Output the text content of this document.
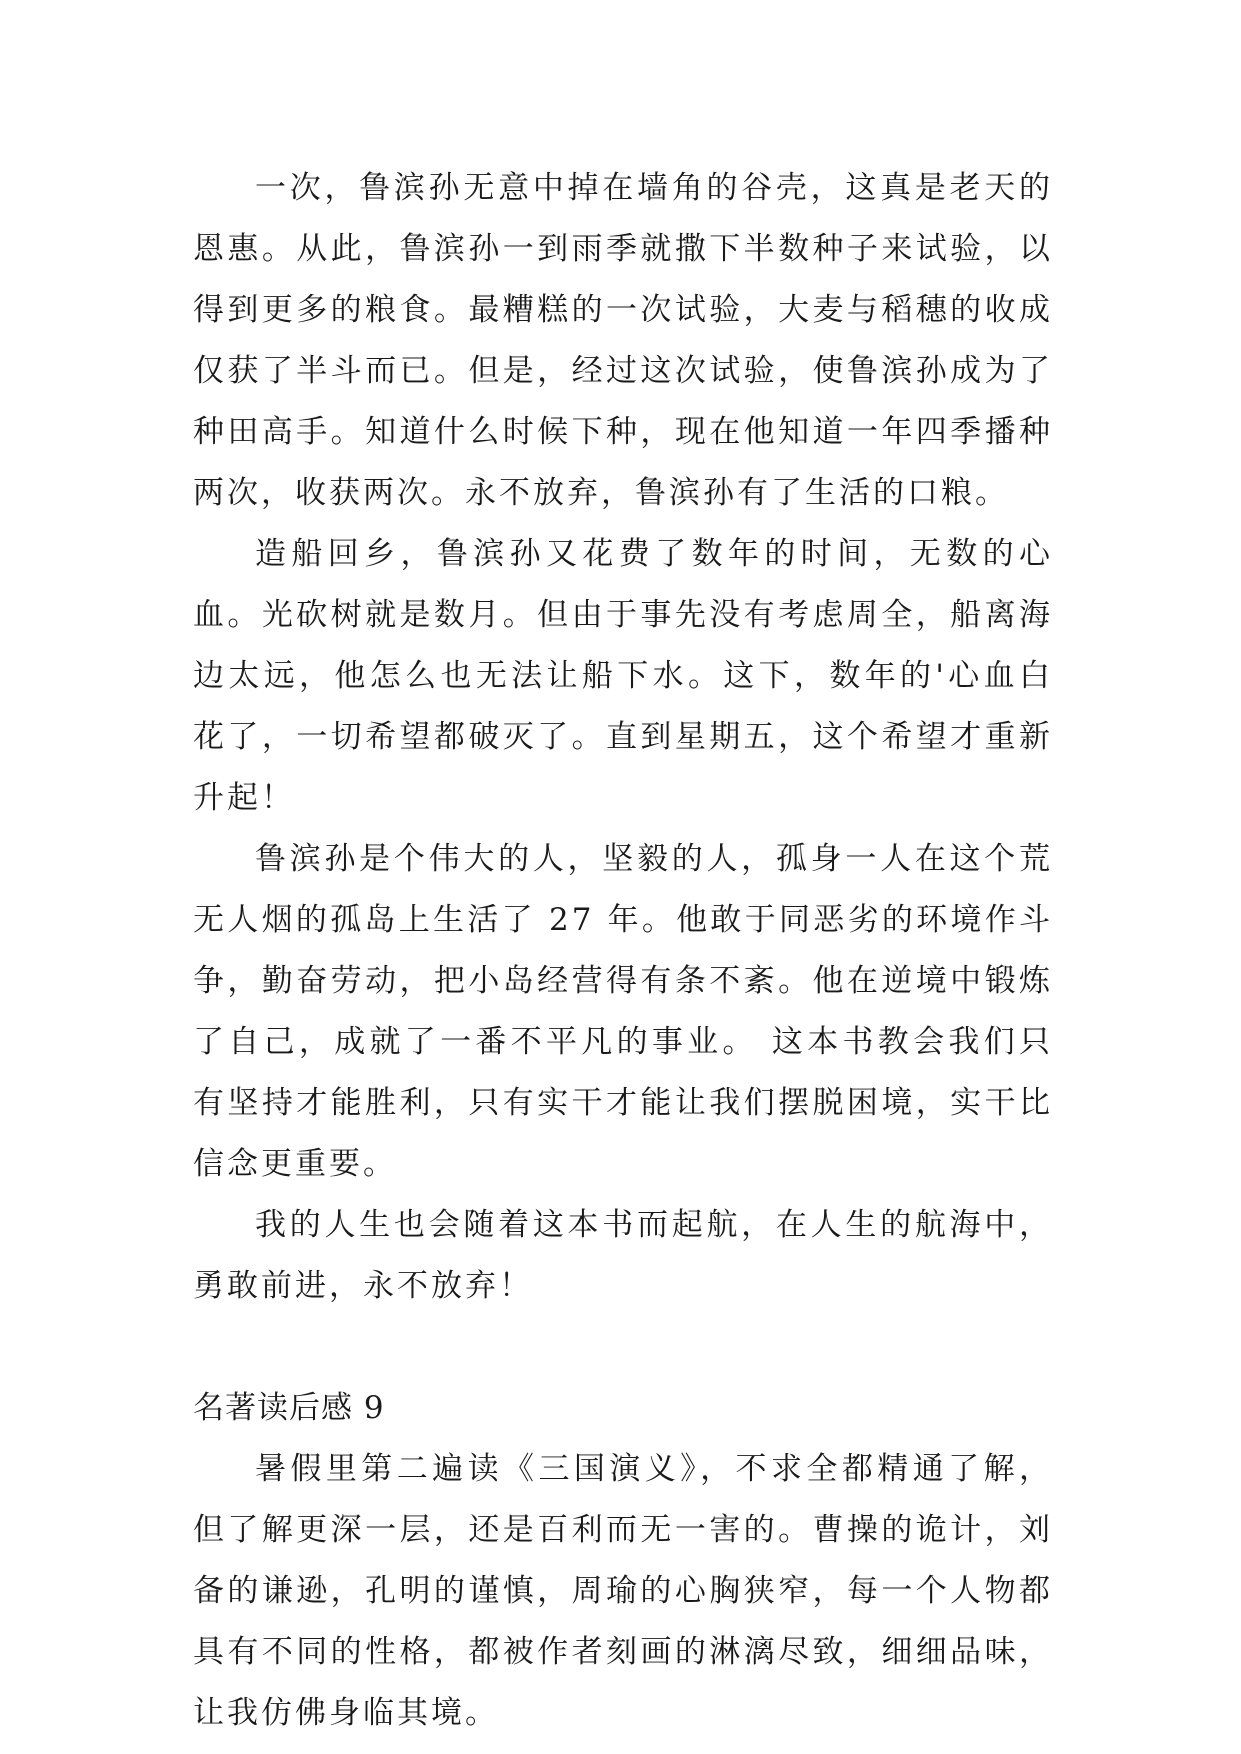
一次，鲁滨孙无意中掉在墙角的谷壳，这真是老天的恩惠。从此，鲁滨孙一到雨季就撒下半数种子来试验，以得到更多的粮食。最糟糕的一次试验，大麦与稻穗的收成仅获了半斗而已。但是，经过这次试验，使鲁滨孙成为了种田高手。知道什么时候下种，现在他知道一年四季播种两次，收获两次。永不放弃，鲁滨孙有了生活的口粮。

造船回乡，鲁滨孙又花费了数年的时间，无数的心血。光砍树就是数月。但由于事先没有考虑周全，船离海边太远，他怎么也无法让船下水。这下，数年的'心血白花了，一切希望都破灭了。直到星期五，这个希望才重新升起！

鲁滨孙是个伟大的人，坚毅的人，孤身一人在这个荒无人烟的孤岛上生活了 27 年。他敢于同恶劣的环境作斗争，勤奋劳动，把小岛经营得有条不紊。他在逆境中锻炼了自己，成就了一番不平凡的事业。 这本书教会我们只有坚持才能胜利，只有实干才能让我们摆脱困境，实干比信念更重要。

我的人生也会随着这本书而起航，在人生的航海中，勇敢前进，永不放弃！

名著读后感 9

暑假里第二遍读《三国演义》，不求全都精通了解，但了解更深一层，还是百利而无一害的。曹操的诡计，刘备的谦逊，孔明的谨慎，周瑜的心胸狭窄，每一个人物都具有不同的性格，都被作者刻画的淋漓尽致，细细品味，让我仿佛身临其境。
